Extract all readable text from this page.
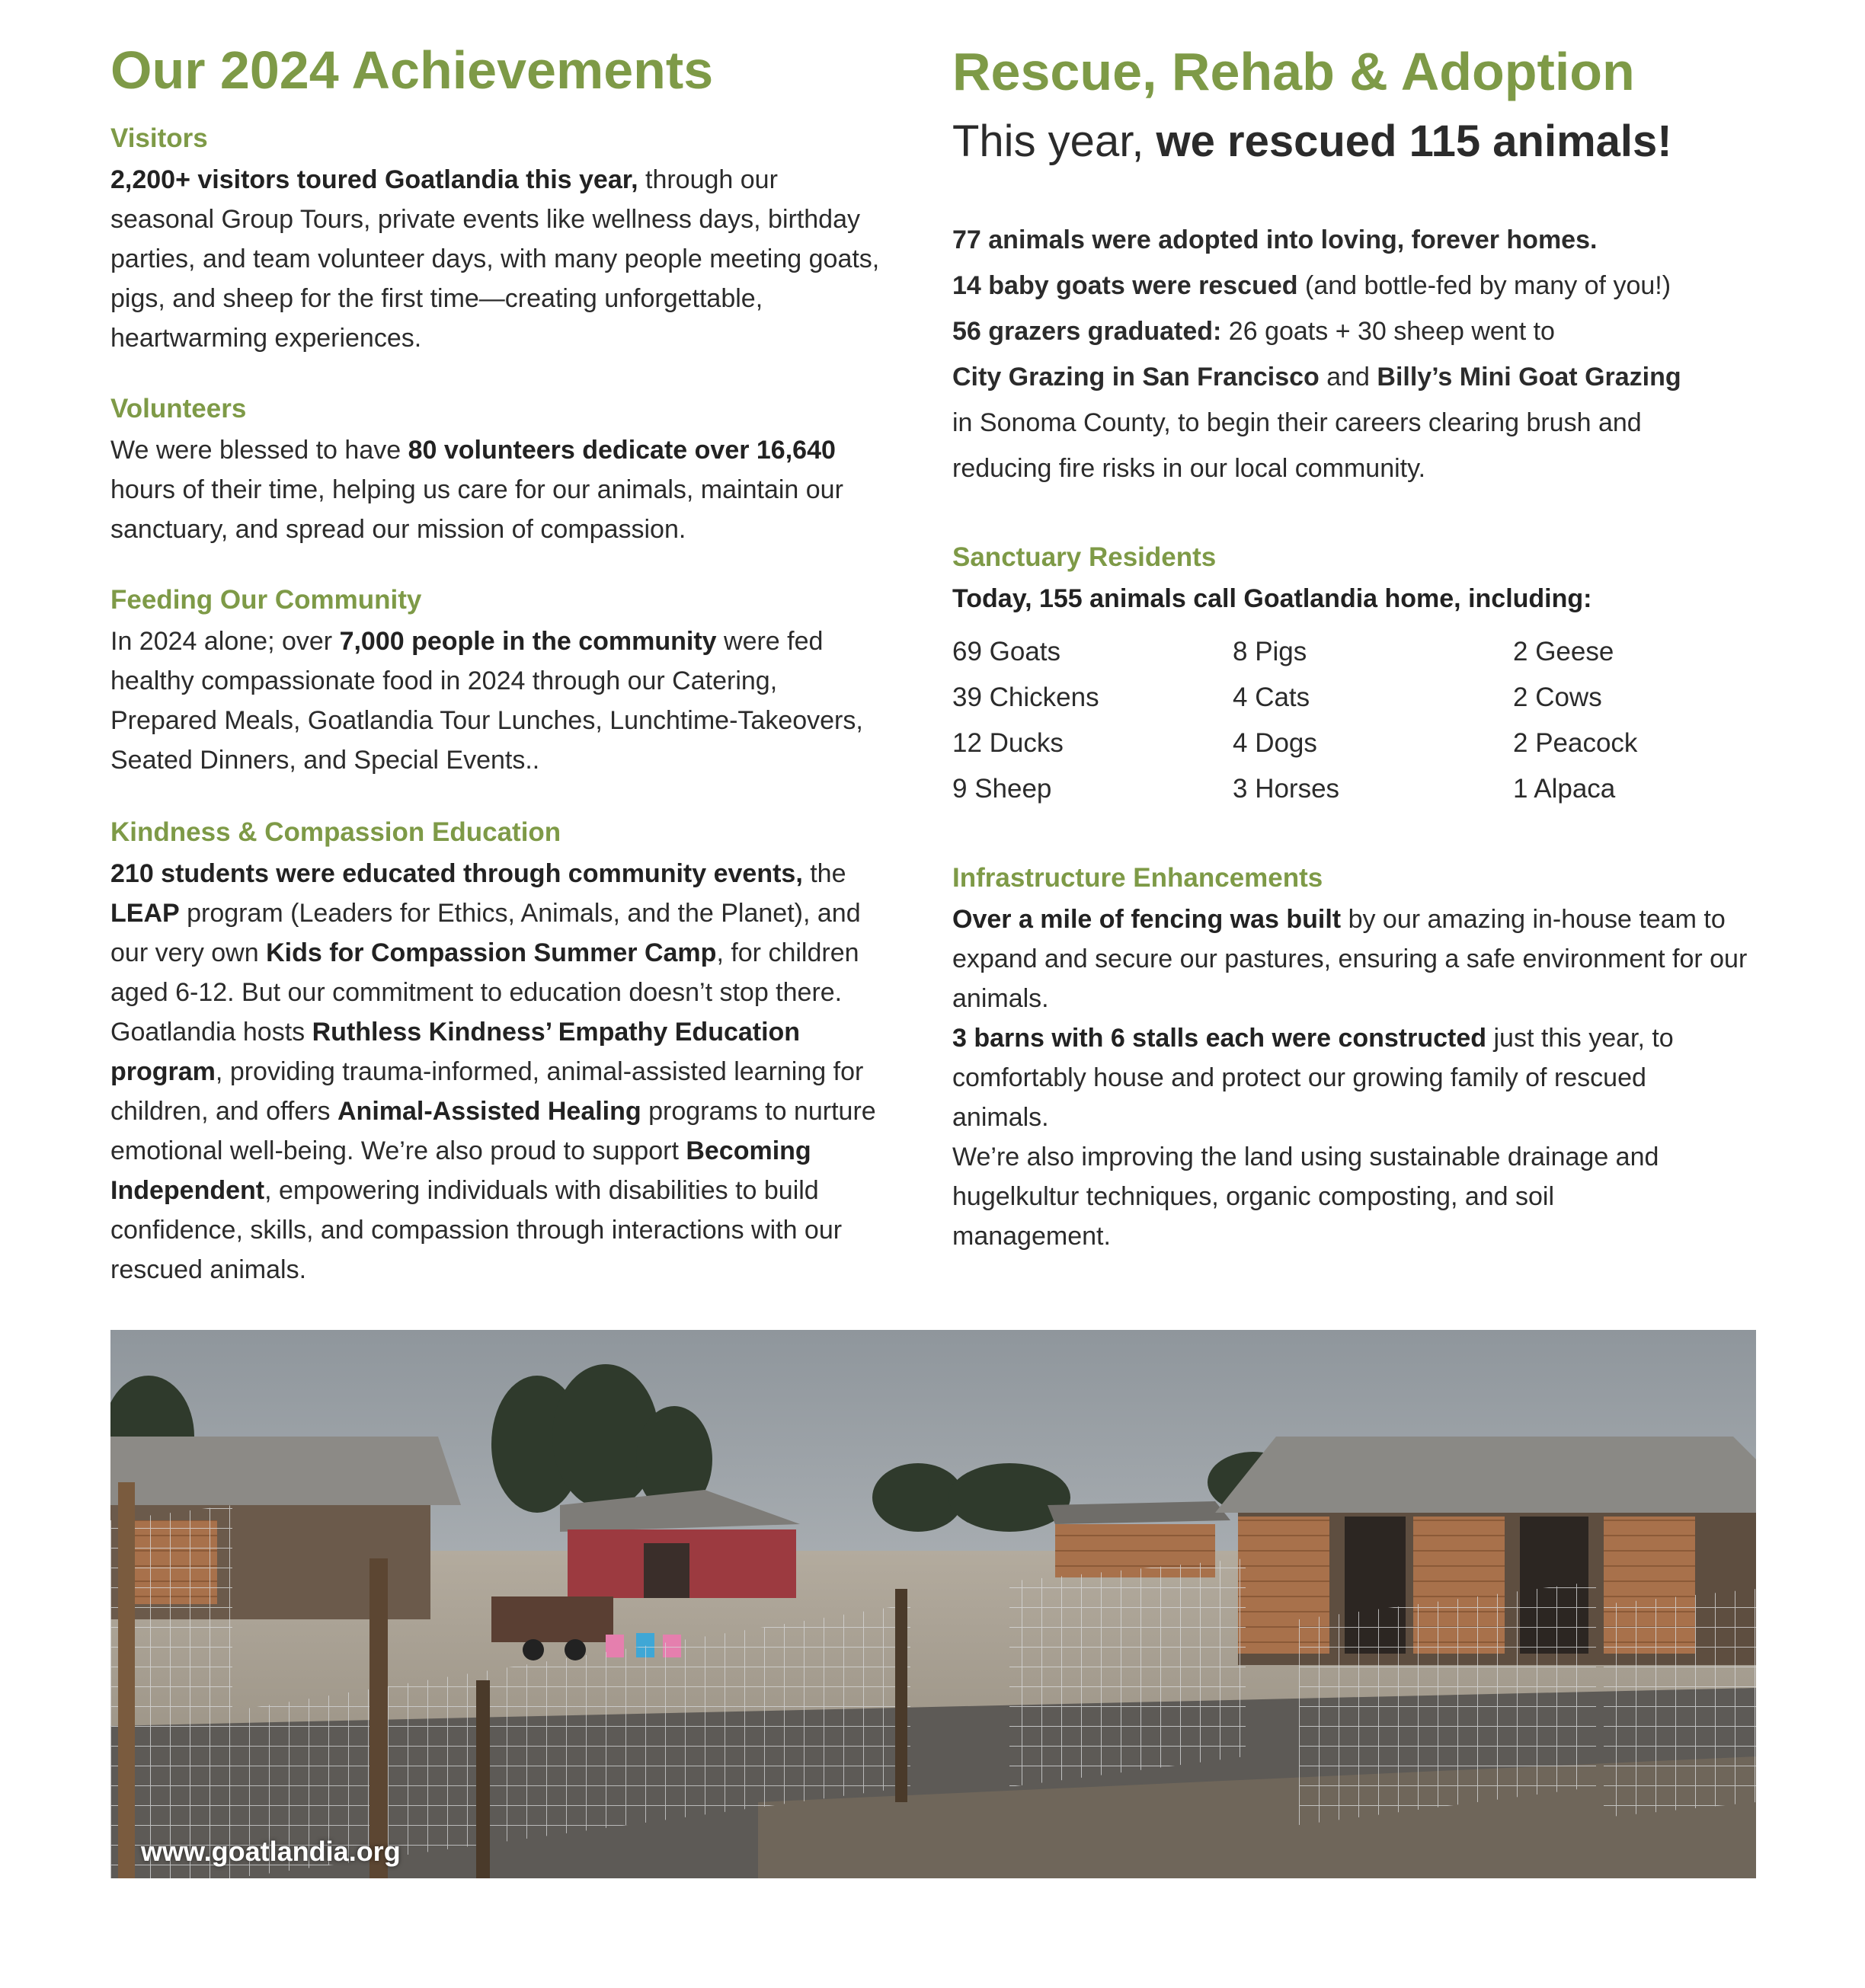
Our 2024 Achievements
Visitors

2,200+ visitors toured Goatlandia this year, through our seasonal Group Tours, private events like wellness days, birthday parties, and team volunteer days, with many people meeting goats, pigs, and sheep for the first time—creating unforgettable, heartwarming experiences.

Volunteers

We were blessed to have 80 volunteers dedicate over 16,640 hours of their time, helping us care for our animals, maintain our sanctuary, and spread our mission of compassion.

Feeding Our Community

In 2024 alone; over 7,000 people in the community were fed healthy compassionate food in 2024 through our Catering, Prepared Meals, Goatlandia Tour Lunches, Lunchtime-Takeovers, Seated Dinners, and Special Events..

Kindness & Compassion Education

210 students were educated through community events, the LEAP program (Leaders for Ethics, Animals, and the Planet), and our very own Kids for Compassion Summer Camp, for children aged 6-12. But our commitment to education doesn’t stop there. Goatlandia hosts Ruthless Kindness’ Empathy Education program, providing trauma-informed, animal-assisted learning for children, and offers Animal-Assisted Healing programs to nurture emotional well-being. We’re also proud to support Becoming Independent, empowering individuals with disabilities to build confidence, skills, and compassion through interactions with our rescued animals.

Rescue, Rehab & Adoption
This year, we rescued 115 animals!

77 animals were adopted into loving, forever homes.

14 baby goats were rescued (and bottle-fed by many of you!)

56 grazers graduated: 26 goats + 30 sheep went to

City Grazing in San Francisco and Billy’s Mini Goat Grazing

in Sonoma County, to begin their careers clearing brush and

reducing fire risks in our local community.

Sanctuary Residents

Today, 155 animals call Goatlandia home, including:

69 Goats	8 Pigs	2 Geese
39 Chickens	4 Cats	2 Cows
12 Ducks	4 Dogs	2 Peacock
9 Sheep	3 Horses	1 Alpaca
Infrastructure Enhancements

Over a mile of fencing was built by our amazing in-house team to expand and secure our pastures, ensuring a safe environment for our animals.

3 barns with 6 stalls each were constructed just this year, to comfortably house and protect our growing family of rescued animals.

We’re also improving the land using sustainable drainage and hugelkultur techniques, organic composting, and soil management.

www.goatlandia.org
